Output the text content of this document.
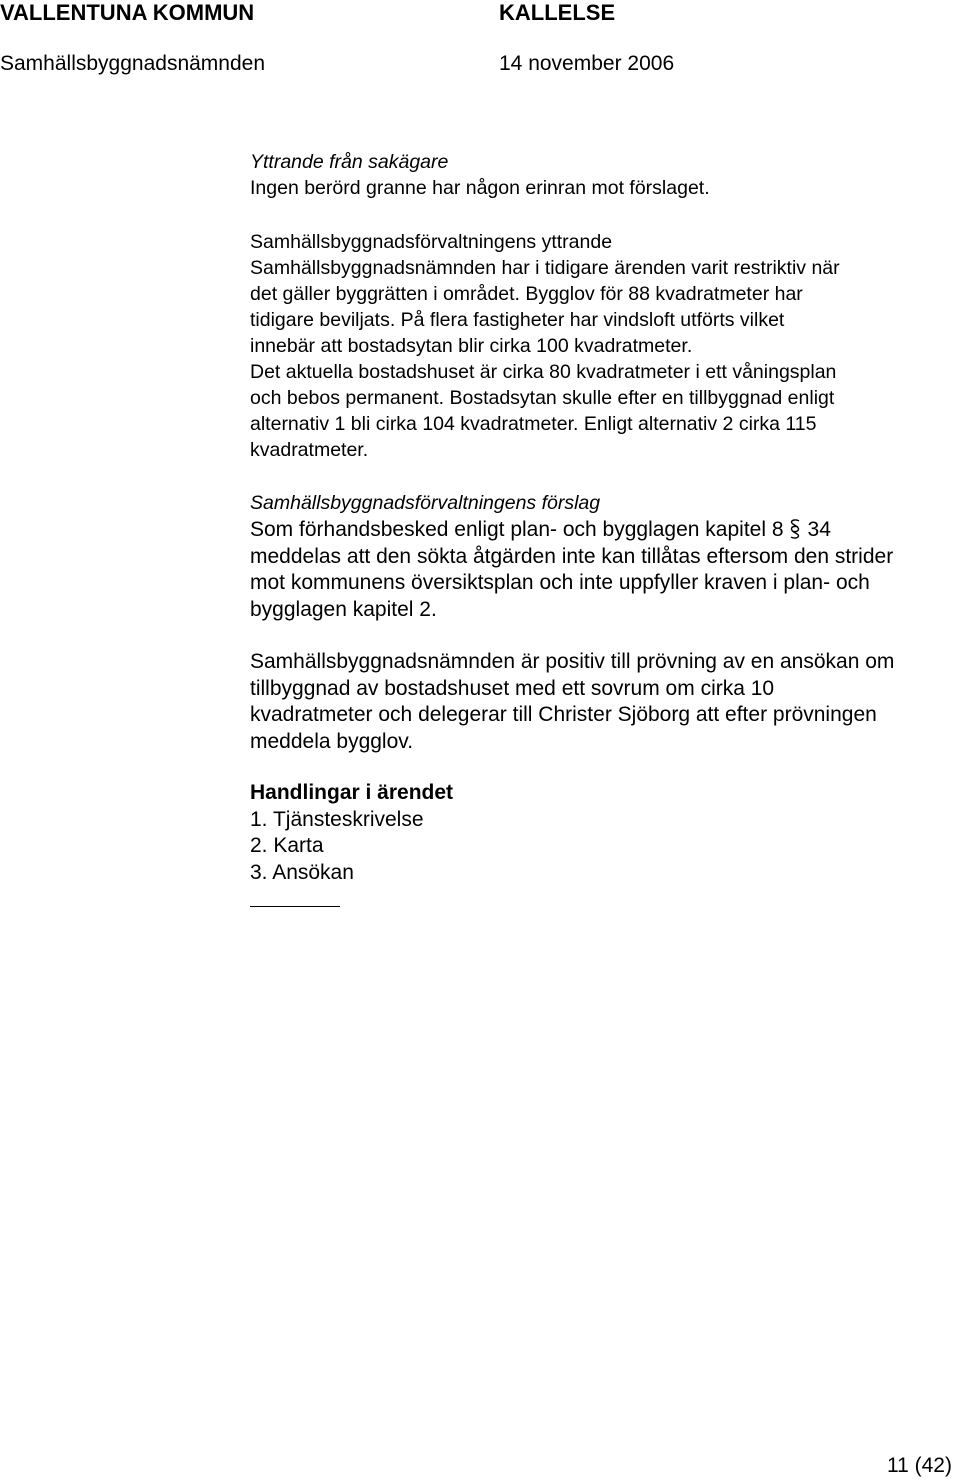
VALLENTUNA KOMMUN	KALLELSE
Samhällsbyggnadsnämnden	14 november 2006
Yttrande från sakägare
Ingen berörd granne har någon erinran mot förslaget.
Samhällsbyggnadsförvaltningens yttrande
Samhällsbyggnadsnämnden har i tidigare ärenden varit restriktiv när
det gäller byggrätten i området. Bygglov för 88 kvadratmeter har
tidigare beviljats. På flera fastigheter har vindsloft utförts vilket
innebär att bostadsytan blir cirka 100 kvadratmeter.
Det aktuella bostadshuset är cirka 80 kvadratmeter i ett våningsplan
och bebos permanent. Bostadsytan skulle efter en tillbyggnad enligt
alternativ 1 bli cirka 104 kvadratmeter. Enligt alternativ 2 cirka 115
kvadratmeter.
Samhällsbyggnadsförvaltningens förslag
Som förhandsbesked enligt plan- och bygglagen kapitel 8 34
meddelas att den sökta åtgärden inte kan tillåtas eftersom den strider
mot kommunens översiktsplan och inte uppfyller kraven i plan- och
bygglagen kapitel 2.
Samhällsbyggnadsnämnden är positiv till prövning av en ansökan om
tillbyggnad av bostadshuset med ett sovrum om cirka 10
kvadratmeter och delegerar till Christer Sjöborg att efter prövningen
meddela bygglov.
Handlingar i ärendet
1. Tjänsteskrivelse
2. Karta
3. Ansökan
11 (42)
